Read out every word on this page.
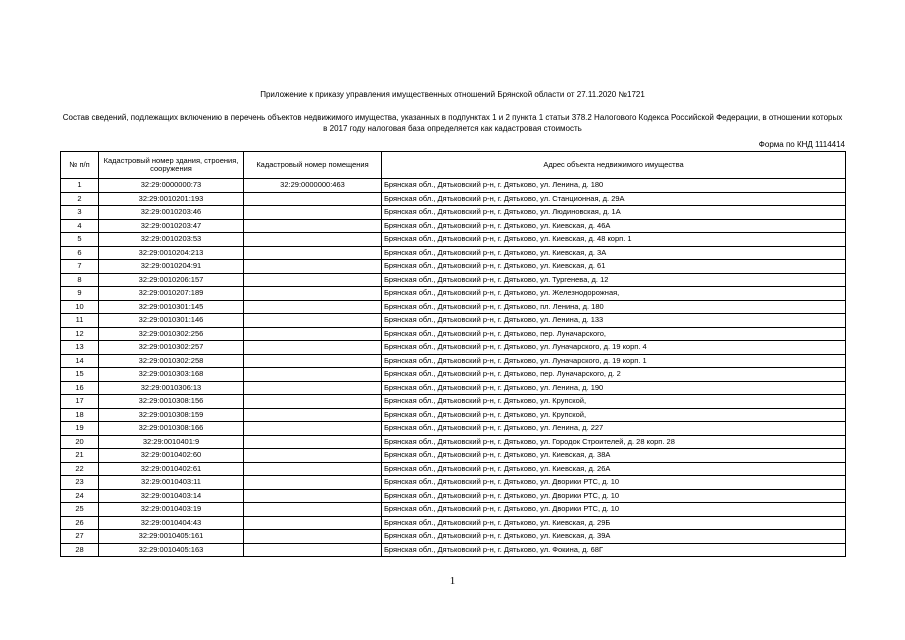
Приложение к приказу управления имущественных отношений Брянской области от 27.11.2020 №1721
Состав сведений, подлежащих включению в перечень объектов недвижимого имущества, указанных в подпунктах 1 и 2 пункта 1 статьи 378.2 Налогового Кодекса Российской Федерации, в отношении которых в 2017 году налоговая база определяется как кадастровая стоимость
Форма по КНД 1114414
№ п/п	Кадастровый номер здания, строения, сооружения	Кадастровый номер помещения	Адрес объекта недвижимого имущества
1	32:29:0000000:73	32:29:0000000:463	Брянская обл., Дятьковский р-н, г. Дятьково, ул. Ленина, д. 180
2	32:29:0010201:193		Брянская обл., Дятьковский р-н, г. Дятьково, ул. Станционная, д. 29А
3	32:29:0010203:46		Брянская обл., Дятьковский р-н, г. Дятьково, ул. Людиновская, д. 1А
4	32:29:0010203:47		Брянская обл., Дятьковский р-н, г. Дятьково, ул. Киевская, д. 46А
5	32:29:0010203:53		Брянская обл., Дятьковский р-н, г. Дятьково, ул. Киевская, д. 48 корп. 1
6	32:29:0010204:213		Брянская обл., Дятьковский р-н, г. Дятьково, ул. Киевская, д. 3А
7	32:29:0010204:91		Брянская обл., Дятьковский р-н, г. Дятьково, ул. Киевская, д. 61
8	32:29:0010206:157		Брянская обл., Дятьковский р-н, г. Дятьково, ул. Тургенева, д. 12
9	32:29:0010207:189		Брянская обл., Дятьковский р-н, г. Дятьково, ул. Железнодорожная,
10	32:29:0010301:145		Брянская обл., Дятьковский р-н, г. Дятьково, пл. Ленина, д. 180
11	32:29:0010301:146		Брянская обл., Дятьковский р-н, г. Дятьково, ул. Ленина, д. 133
12	32:29:0010302:256		Брянская обл., Дятьковский р-н, г. Дятьково, пер. Луначарского,
13	32:29:0010302:257		Брянская обл., Дятьковский р-н, г. Дятьково, ул. Луначарского, д. 19 корп. 4
14	32:29:0010302:258		Брянская обл., Дятьковский р-н, г. Дятьково, ул. Луначарского, д. 19 корп. 1
15	32:29:0010303:168		Брянская обл., Дятьковский р-н, г. Дятьково, пер. Луначарского, д. 2
16	32:29:0010306:13		Брянская обл., Дятьковский р-н, г. Дятьково, ул. Ленина, д. 190
17	32:29:0010308:156		Брянская обл., Дятьковский р-н, г. Дятьково, ул. Крупской,
18	32:29:0010308:159		Брянская обл., Дятьковский р-н, г. Дятьково, ул. Крупской,
19	32:29:0010308:166		Брянская обл., Дятьковский р-н, г. Дятьково, ул. Ленина, д. 227
20	32:29:0010401:9		Брянская обл., Дятьковский р-н, г. Дятьково, ул. Городок Строителей, д. 28 корп. 28
21	32:29:0010402:60		Брянская обл., Дятьковский р-н, г. Дятьково, ул. Киевская, д. 38А
22	32:29:0010402:61		Брянская обл., Дятьковский р-н, г. Дятьково, ул. Киевская, д. 26А
23	32:29:0010403:11		Брянская обл., Дятьковский р-н, г. Дятьково, ул. Дворики РТС, д. 10
24	32:29:0010403:14		Брянская обл., Дятьковский р-н, г. Дятьково, ул. Дворики РТС, д. 10
25	32:29:0010403:19		Брянская обл., Дятьковский р-н, г. Дятьково, ул. Дворики РТС, д. 10
26	32:29:0010404:43		Брянская обл., Дятьковский р-н, г. Дятьково, ул. Киевская, д. 29Б
27	32:29:0010405:161		Брянская обл., Дятьковский р-н, г. Дятьково, ул. Киевская, д. 39А
28	32:29:0010405:163		Брянская обл., Дятьковский р-н, г. Дятьково, ул. Фокина, д. 68Г
1
